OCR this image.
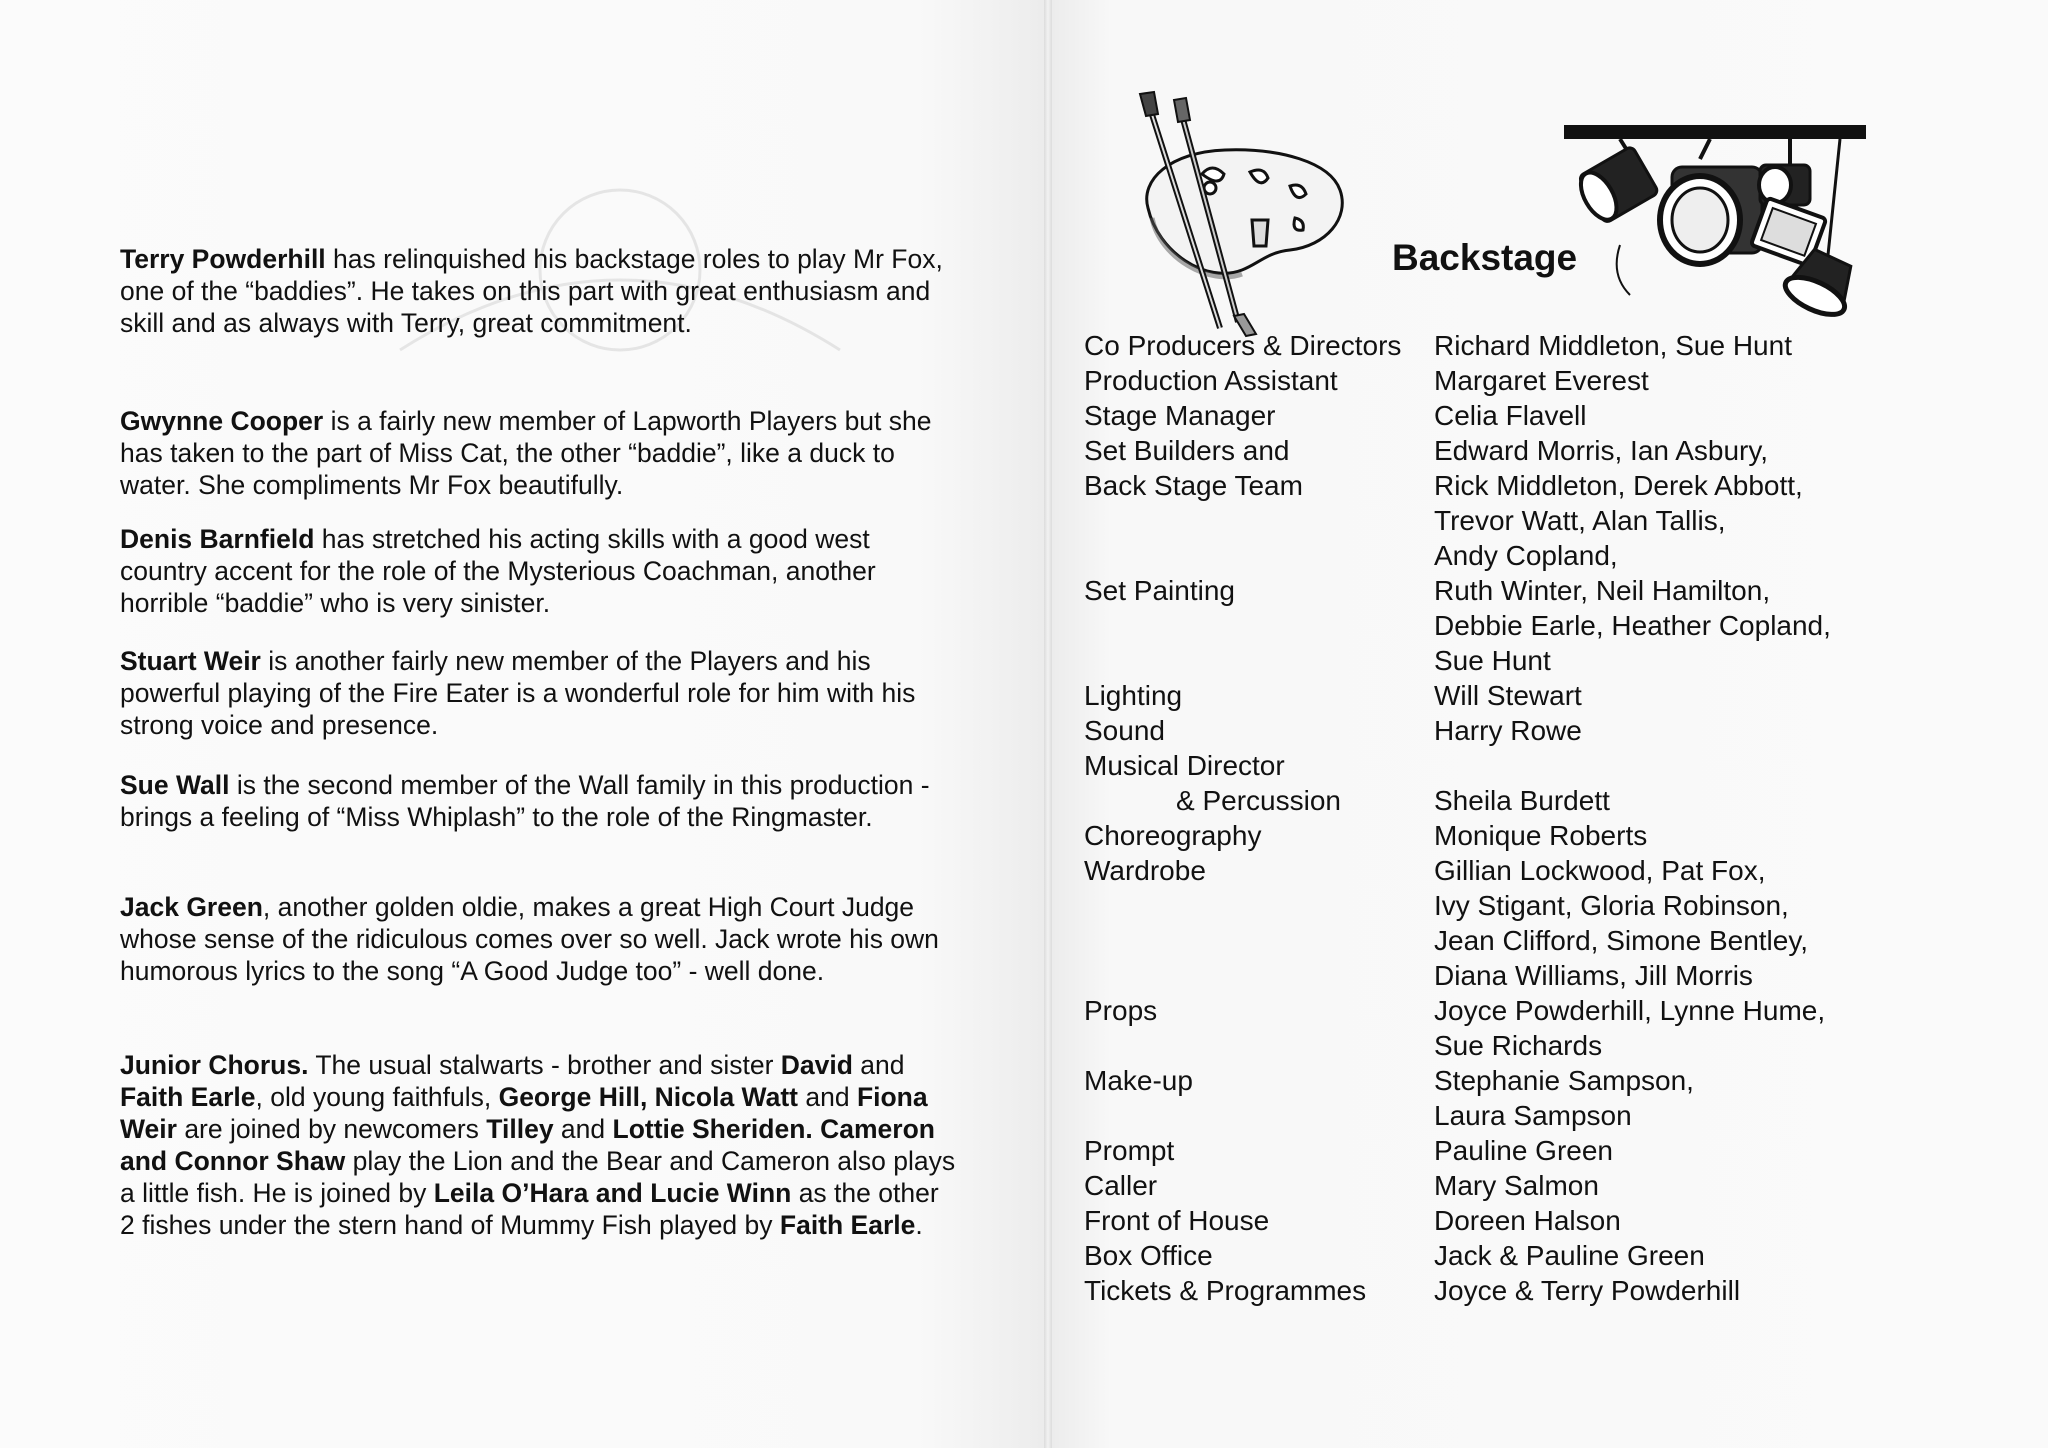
Terry Powderhill has relinquished his backstage roles to play Mr Fox, one of the “baddies”. He takes on this part with great enthusiasm and skill and as always with Terry, great commitment.

Gwynne Cooper is a fairly new member of Lapworth Players but she has taken to the part of Miss Cat, the other “baddie”, like a duck to water. She compliments Mr Fox beautifully.

Denis Barnfield has stretched his acting skills with a good west country accent for the role of the Mysterious Coachman, another horrible “baddie” who is very sinister.

Stuart Weir is another fairly new member of the Players and his powerful playing of the Fire Eater is a wonderful role for him with his strong voice and presence.

Sue Wall is the second member of the Wall family in this production - brings a feeling of “Miss Whiplash” to the role of the Ringmaster.

Jack Green, another golden oldie, makes a great High Court Judge whose sense of the ridiculous comes over so well. Jack wrote his own humorous lyrics to the song “A Good Judge too” - well done.

Junior Chorus. The usual stalwarts - brother and sister David and Faith Earle, old young faithfuls, George Hill, Nicola Watt and Fiona Weir are joined by newcomers Tilley and Lottie Sheriden. Cameron and Connor Shaw play the Lion and the Bear and Cameron also plays a little fish. He is joined by Leila O’Hara and Lucie Winn as the other 2 fishes under the stern hand of Mummy Fish played by Faith Earle.

Backstage
Co Producers & Directors Richard Middleton, Sue Hunt
Production Assistant	Margaret Everest
Stage Manager	Celia Flavell
Set Builders and	Edward Morris, Ian Asbury,
Back Stage Team	Rick Middleton, Derek Abbott,
Trevor Watt, Alan Tallis,
Andy Copland,
Set Painting	Ruth Winter, Neil Hamilton,
Debbie Earle, Heather Copland,
Sue Hunt
Lighting	Will Stewart
Sound	Harry Rowe
Musical Director
& Percussion	Sheila Burdett
Choreography	Monique Roberts
Wardrobe	Gillian Lockwood, Pat Fox,
Ivy Stigant, Gloria Robinson,
Jean Clifford, Simone Bentley,
Diana Williams, Jill Morris
Props	Joyce Powderhill, Lynne Hume,
Sue Richards
Make-up	Stephanie Sampson,
Laura Sampson
Prompt	Pauline Green
Caller	Mary Salmon
Front of House	Doreen Halson
Box Office	Jack & Pauline Green
Tickets & Programmes Joyce & Terry Powderhill
